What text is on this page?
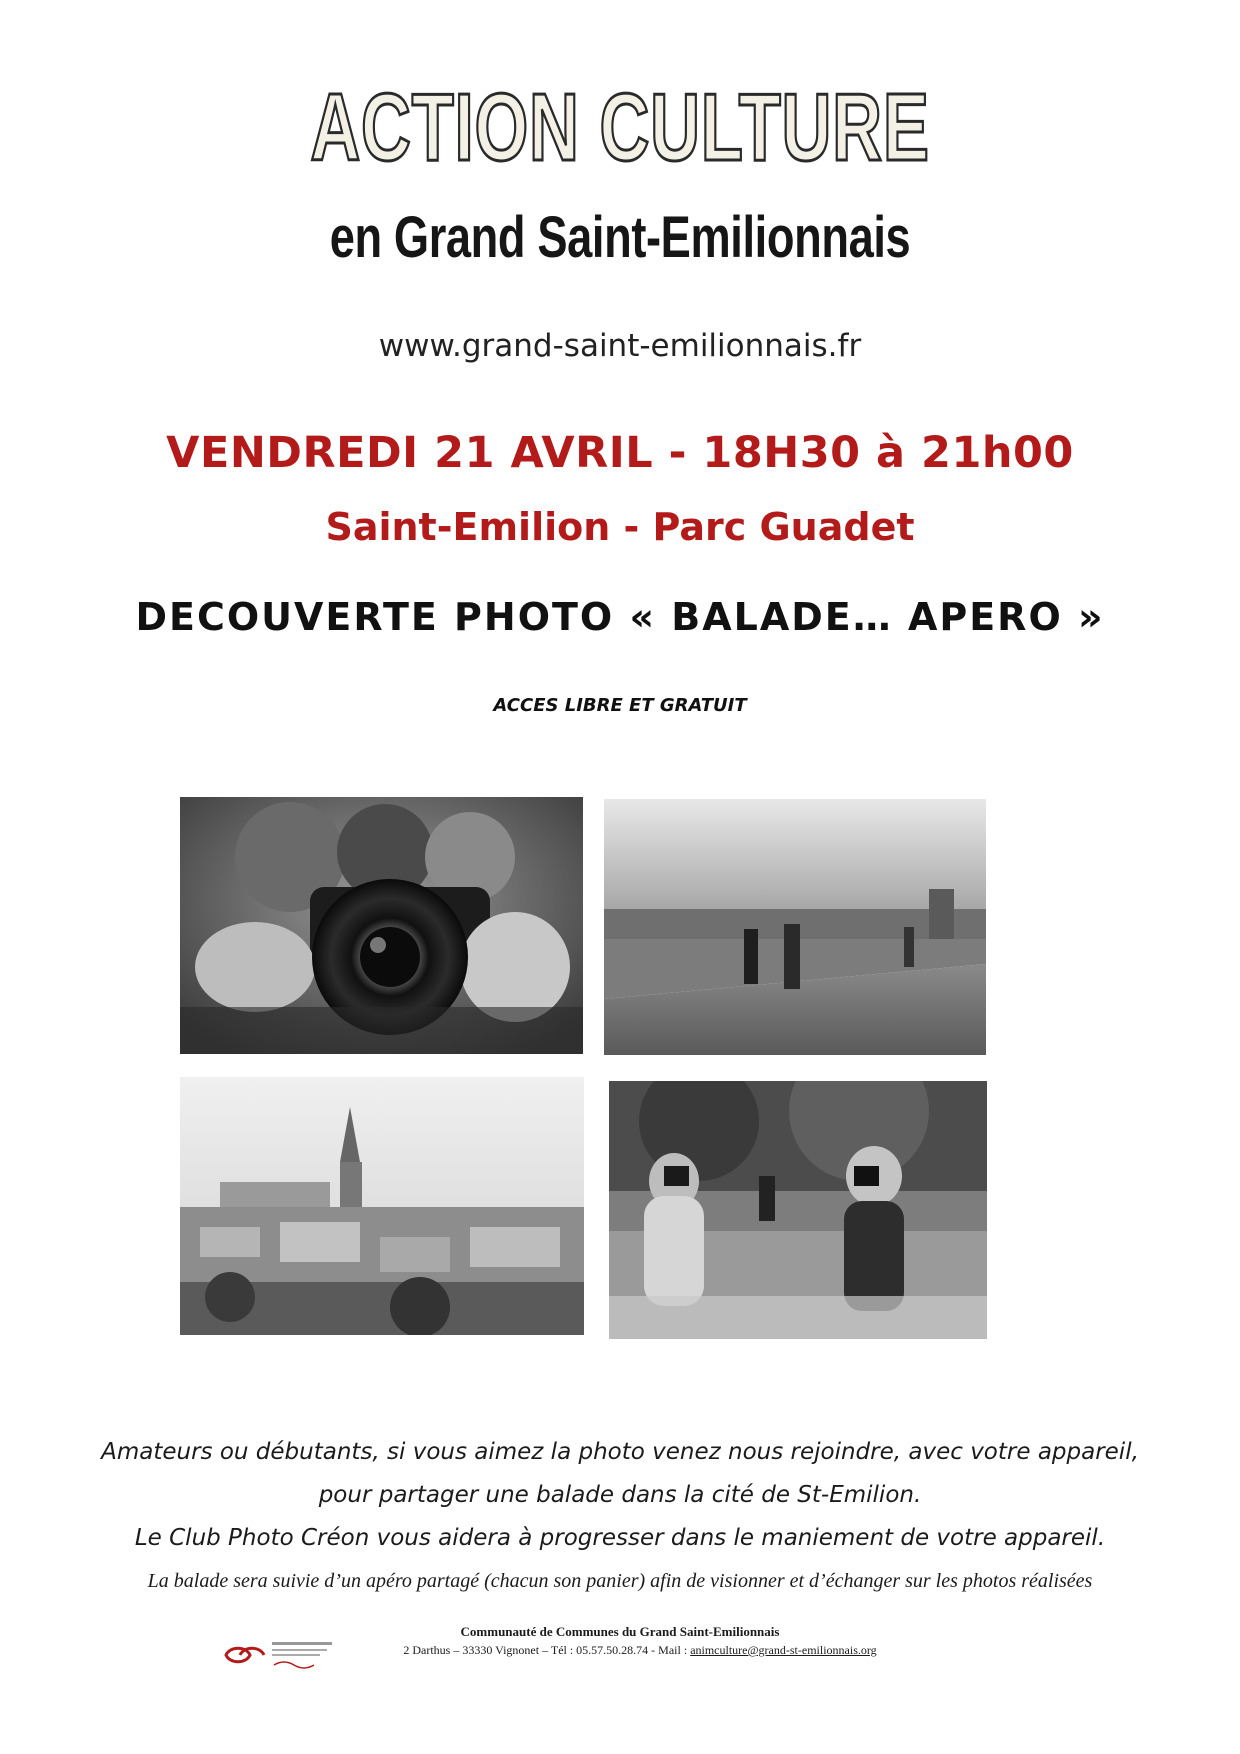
ACTION CULTURE
en Grand Saint-Emilionnais
www.grand-saint-emilionnais.fr
VENDREDI 21 AVRIL - 18H30 à 21h00
Saint-Emilion - Parc Guadet
DECOUVERTE PHOTO « BALADE… APERO »
ACCES LIBRE ET GRATUIT
Amateurs ou débutants, si vous aimez la photo venez nous rejoindre, avec votre appareil,
pour partager une balade dans la cité de St-Emilion.
Le Club Photo Créon vous aidera à progresser dans le maniement de votre appareil.
La balade sera suivie d’un apéro partagé (chacun son panier) afin de visionner et d’échanger sur les photos réalisées
Communauté de Communes du Grand Saint-Emilionnais
2 Darthus – 33330 Vignonet – Tél : 05.57.50.28.74 - Mail : animculture@grand-st-emilionnais.org
